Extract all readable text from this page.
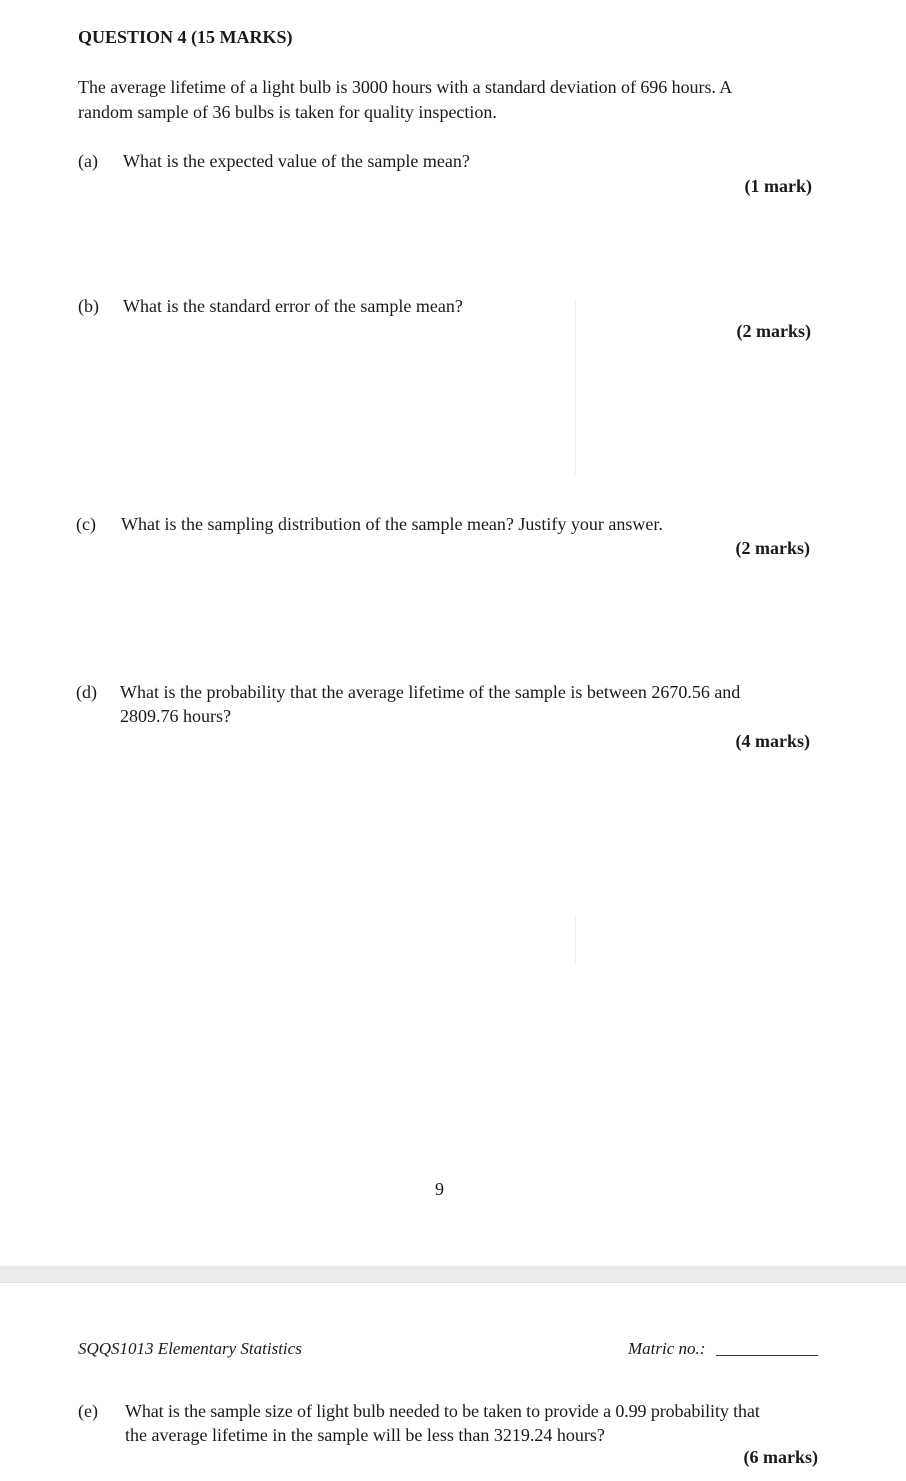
QUESTION 4 (15 MARKS)
The average lifetime of a light bulb is 3000 hours with a standard deviation of 696 hours. A
random sample of 36 bulbs is taken for quality inspection.
(a) What is the expected value of the sample mean?
(1 mark)
(b) What is the standard error of the sample mean?
(2 marks)
(c) What is the sampling distribution of the sample mean? Justify your answer.
(2 marks)
(d) What is the probability that the average lifetime of the sample is between 2670.56 and
2809.76 hours?
(4 marks)
9
SQQS1013 Elementary Statistics	Matric no.:
(e) What is the sample size of light bulb needed to be taken to provide a 0.99 probability that
the average lifetime in the sample will be less than 3219.24 hours?
(6 marks)
